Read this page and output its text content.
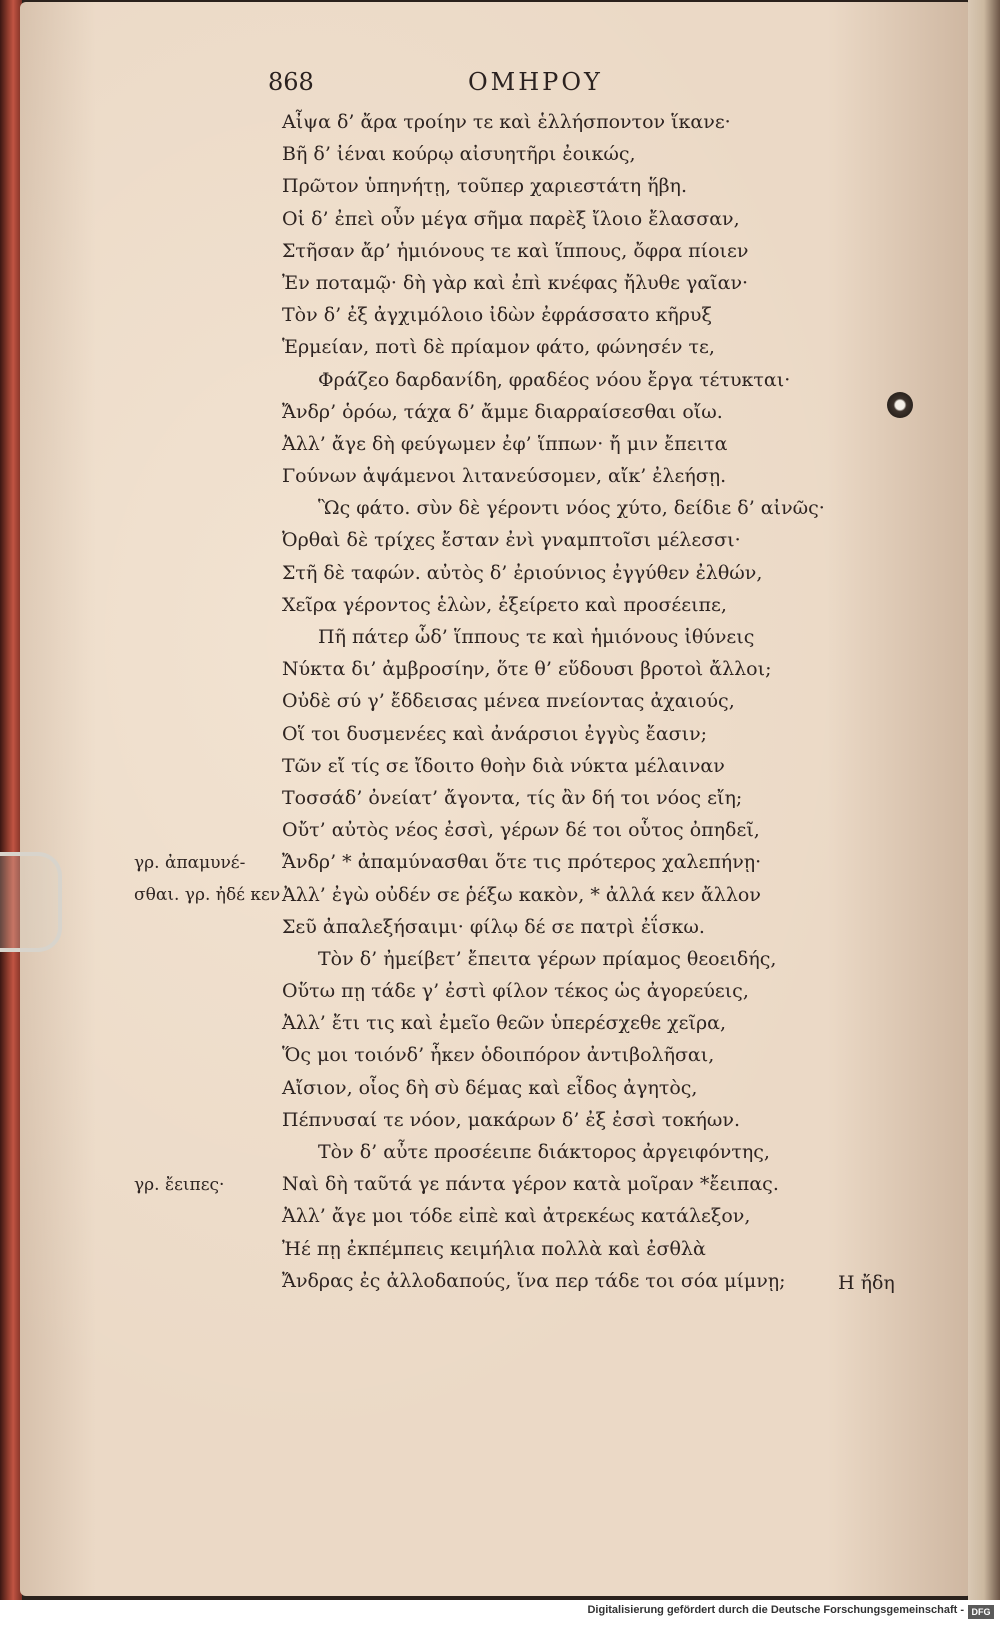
868	ΟΜΗΡΟΥ
Αἶψα δ’ ἄρα τροίην τε καὶ ἑλλήσποντον ἵκανε·
Βῆ δ’ ἰέναι κούρῳ αἰσυητῆρι ἐοικώς,
Πρῶτον ὑπηνήτῃ, τοῦπερ χαριεστάτη ἥβη.
Οἱ δ’ ἐπεὶ οὖν μέγα σῆμα παρὲξ ἴλοιο ἔλασσαν,
Στῆσαν ἄρ’ ἡμιόνους τε καὶ ἵππους, ὄφρα πίοιεν
Ἐν ποταμῷ· δὴ γὰρ καὶ ἐπὶ κνέφας ἤλυθε γαῖαν·
Τὸν δ’ ἐξ ἀγχιμόλοιο ἰδὼν ἐφράσσατο κῆρυξ
Ἑρμείαν, ποτὶ δὲ πρίαμον φάτο, φώνησέν τε,
Φράζεο δαρδανίδη, φραδέος νόου ἔργα τέτυκται·
Ἄνδρ’ ὁρόω, τάχα δ’ ἄμμε διαρραίσεσθαι οἴω.
Ἀλλ’ ἄγε δὴ φεύγωμεν ἐφ’ ἵππων· ἤ μιν ἔπειτα
Γούνων ἁψάμενοι λιτανεύσομεν, αἴκ’ ἐλεήσῃ.
Ὣς φάτο. σὺν δὲ γέροντι νόος χύτο, δείδιε δ’ αἰνῶς·
Ὀρθαὶ δὲ τρίχες ἔσταν ἐνὶ γναμπτοῖσι μέλεσσι·
Στῆ δὲ ταφών. αὐτὸς δ’ ἐριούνιος ἐγγύθεν ἐλθών,
Χεῖρα γέροντος ἑλὼν, ἐξείρετο καὶ προσέειπε,
Πῆ πάτερ ὧδ’ ἵππους τε καὶ ἡμιόνους ἰθύνεις
Νύκτα δι’ ἀμβροσίην, ὅτε θ’ εὕδουσι βροτοὶ ἄλλοι;
Οὐδὲ σύ γ’ ἔδδεισας μένεα πνείοντας ἀχαιούς,
Οἵ τοι δυσμενέες καὶ ἀνάρσιοι ἐγγὺς ἔασιν;
Τῶν εἴ τίς σε ἴδοιτο θοὴν διὰ νύκτα μέλαιναν
Τοσσάδ’ ὀνείατ’ ἄγοντα, τίς ἂν δή τοι νόος εἴη;
Οὔτ’ αὐτὸς νέος ἐσσὶ, γέρων δέ τοι οὗτος ὀπηδεῖ,
Ἄνδρ’ * ἀπαμύνασθαι ὅτε τις πρότερος χαλεπήνῃ·
Ἀλλ’ ἐγὼ οὐδέν σε ῥέξω κακὸν, * ἀλλά κεν ἄλλον
Σεῦ ἀπαλεξήσαιμι· φίλῳ δέ σε πατρὶ ἐΐσκω.
Τὸν δ’ ἠμείβετ’ ἔπειτα γέρων πρίαμος θεοειδής,
Οὕτω πῃ τάδε γ’ ἐστὶ φίλον τέκος ὡς ἀγορεύεις,
Ἀλλ’ ἔτι τις καὶ ἐμεῖο θεῶν ὑπερέσχεθε χεῖρα,
Ὅς μοι τοιόνδ’ ἧκεν ὁδοιπόρον ἀντιβολῆσαι,
Αἴσιον, οἷος δὴ σὺ δέμας καὶ εἶδος ἀγητὸς,
Πέπνυσαί τε νόον, μακάρων δ’ ἐξ ἐσσὶ τοκήων.
Τὸν δ’ αὖτε προσέειπε διάκτορος ἀργειφόντης,
Ναὶ δὴ ταῦτά γε πάντα γέρον κατὰ μοῖραν *ἔειπας.
Ἀλλ’ ἄγε μοι τόδε εἰπὲ καὶ ἀτρεκέως κατάλεξον,
Ἠέ πῃ ἐκπέμπεις κειμήλια πολλὰ καὶ ἐσθλὰ
Ἄνδρας ἐς ἀλλοδαπούς, ἵνα περ τάδε τοι σόα μίμνῃ;
γρ. ἀπαμυνέ-
σθαι. γρ. ἠδέ κεν
γρ. ἔειπες·
Η ἤδη
Digitalisierung gefördert durch die Deutsche Forschungsgemeinschaft - DFG
